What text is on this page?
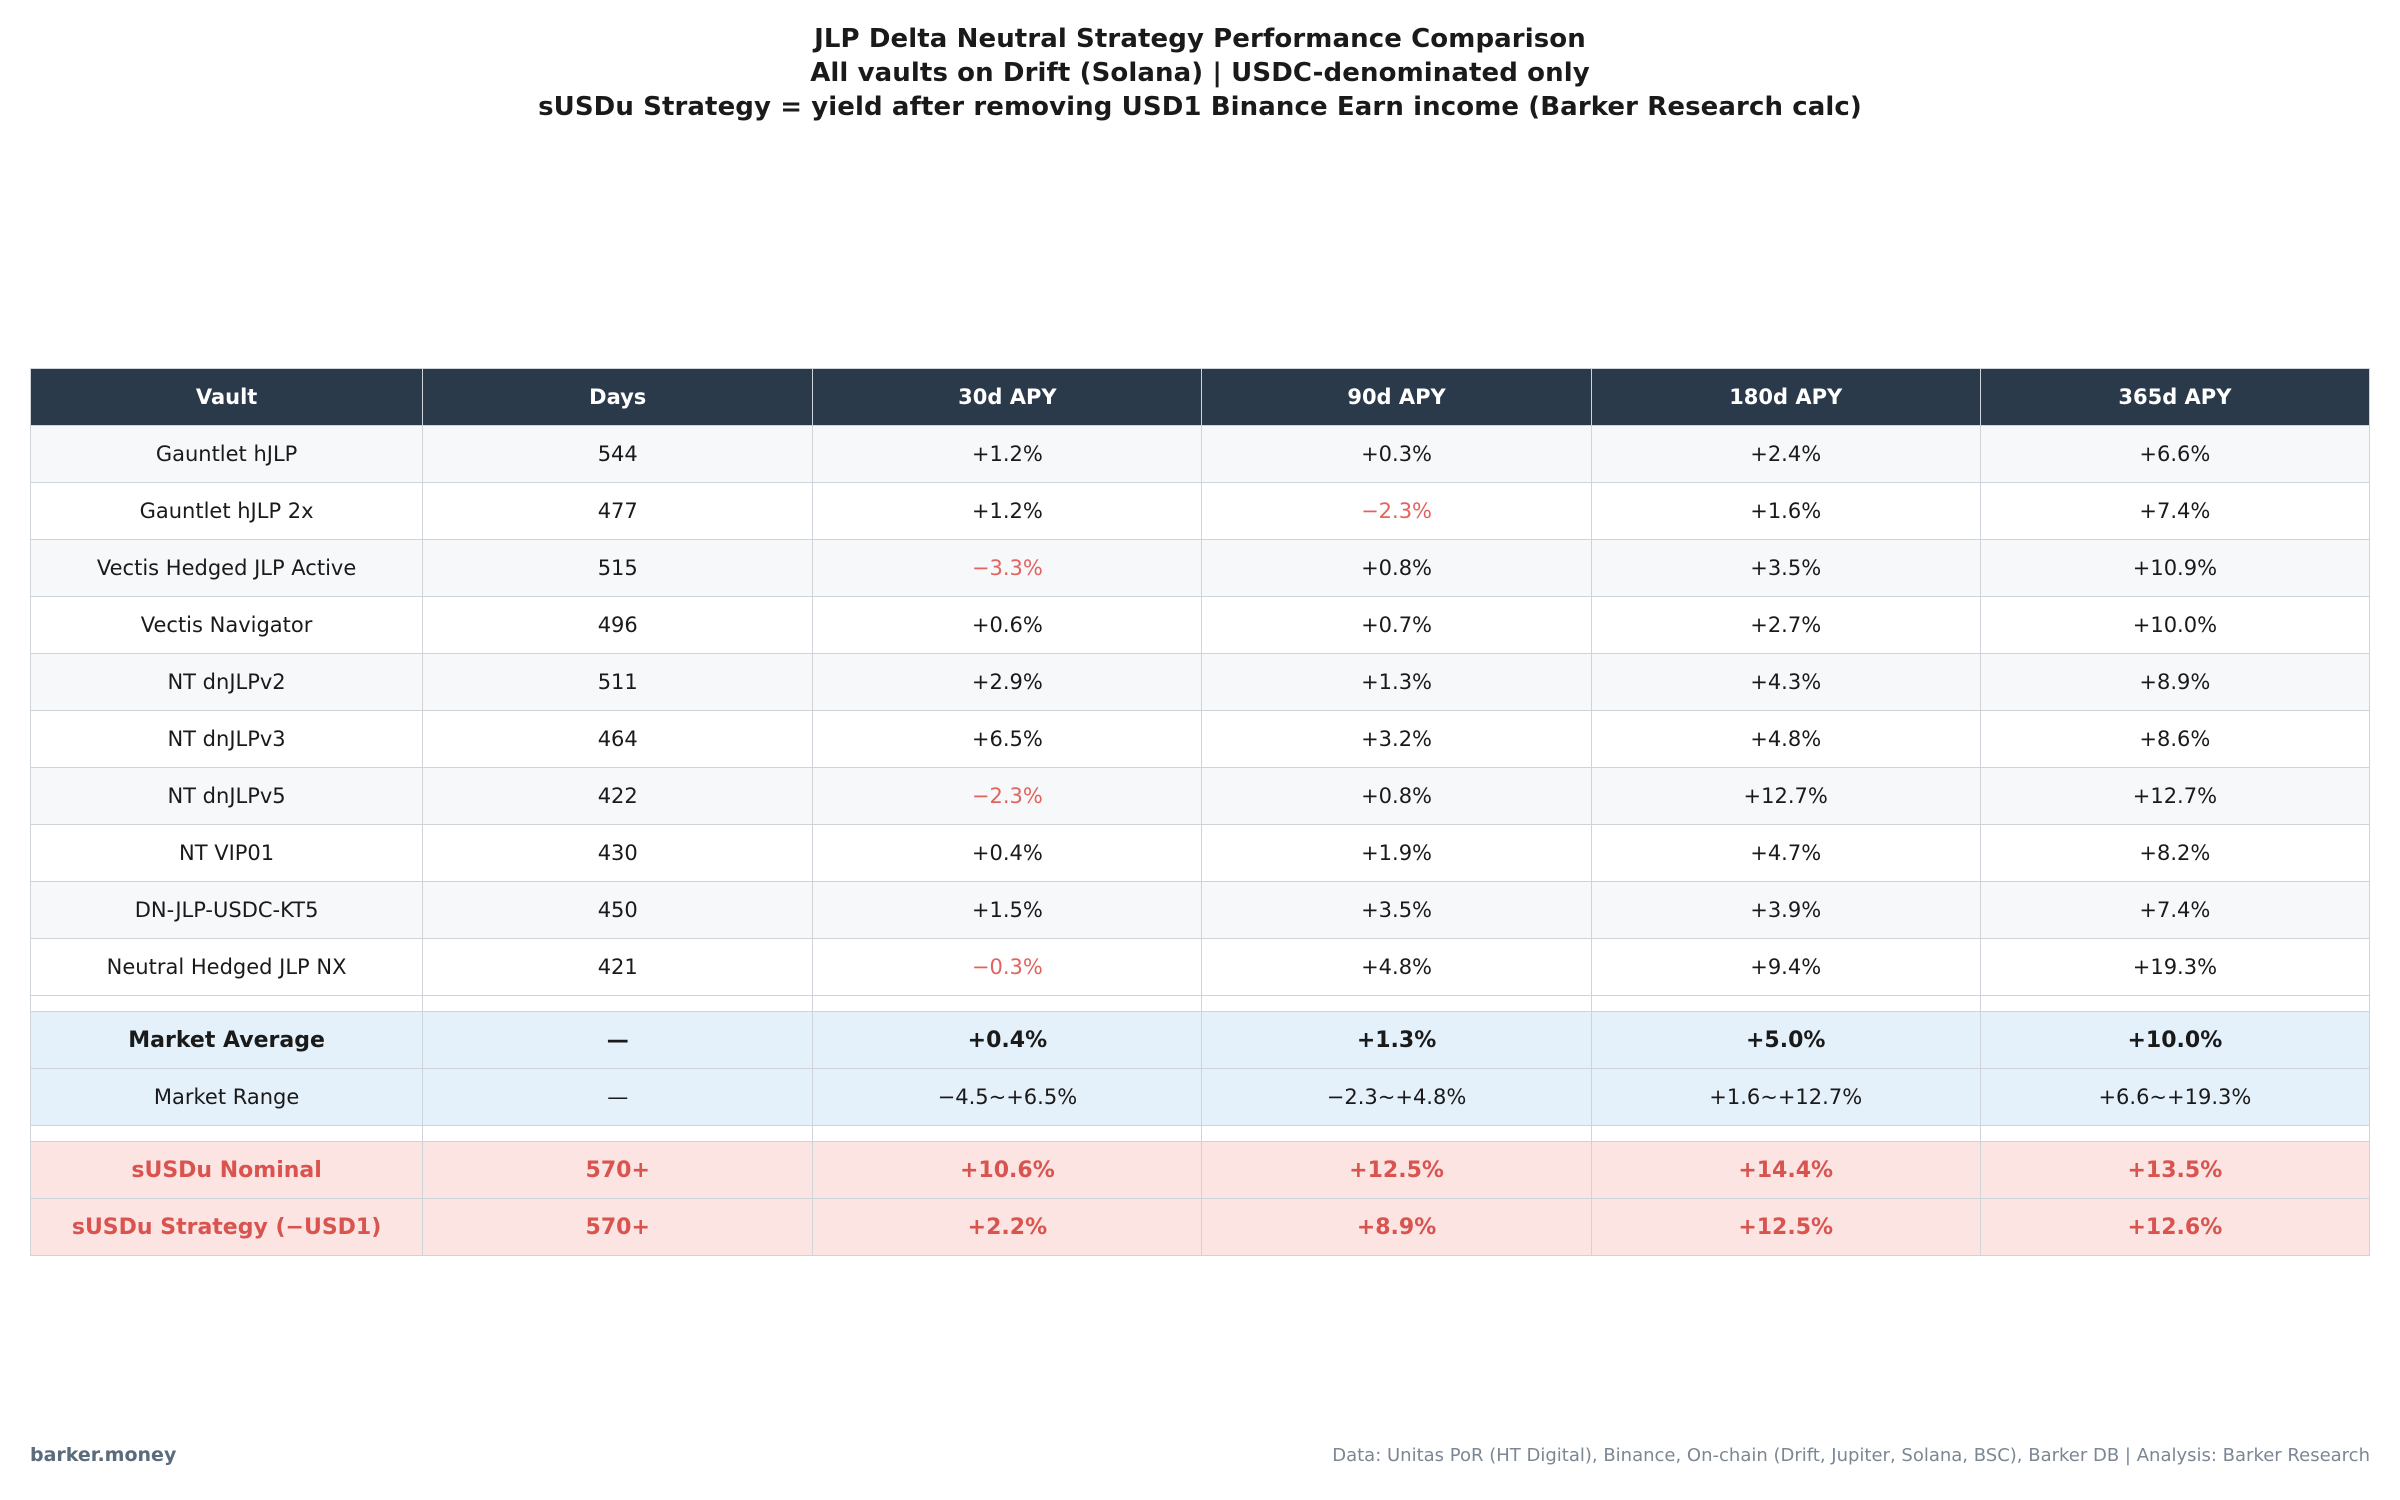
JLP Delta Neutral Strategy Performance Comparison
All vaults on Drift (Solana) | USDC-denominated only
sUSDu Strategy = yield after removing USD1 Binance Earn income (Barker Research calc)
Vault	Days	30d APY	90d APY	180d APY	365d APY
Gauntlet hJLP	544	+1.2%	+0.3%	+2.4%	+6.6%
Gauntlet hJLP 2x	477	+1.2%	−2.3%	+1.6%	+7.4%
Vectis Hedged JLP Active	515	−3.3%	+0.8%	+3.5%	+10.9%
Vectis Navigator	496	+0.6%	+0.7%	+2.7%	+10.0%
NT dnJLPv2	511	+2.9%	+1.3%	+4.3%	+8.9%
NT dnJLPv3	464	+6.5%	+3.2%	+4.8%	+8.6%
NT dnJLPv5	422	−2.3%	+0.8%	+12.7%	+12.7%
NT VIP01	430	+0.4%	+1.9%	+4.7%	+8.2%
DN-JLP-USDC-KT5	450	+1.5%	+3.5%	+3.9%	+7.4%
Neutral Hedged JLP NX	421	−0.3%	+4.8%	+9.4%	+19.3%

Market Average	—	+0.4%	+1.3%	+5.0%	+10.0%
Market Range	—	−4.5~+6.5%	−2.3~+4.8%	+1.6~+12.7%	+6.6~+19.3%

sUSDu Nominal	570+	+10.6%	+12.5%	+14.4%	+13.5%
sUSDu Strategy (−USD1)	570+	+2.2%	+8.9%	+12.5%	+12.6%
barker.money	Data: Unitas PoR (HT Digital), Binance, On-chain (Drift, Jupiter, Solana, BSC), Barker DB | Analysis: Barker Research
